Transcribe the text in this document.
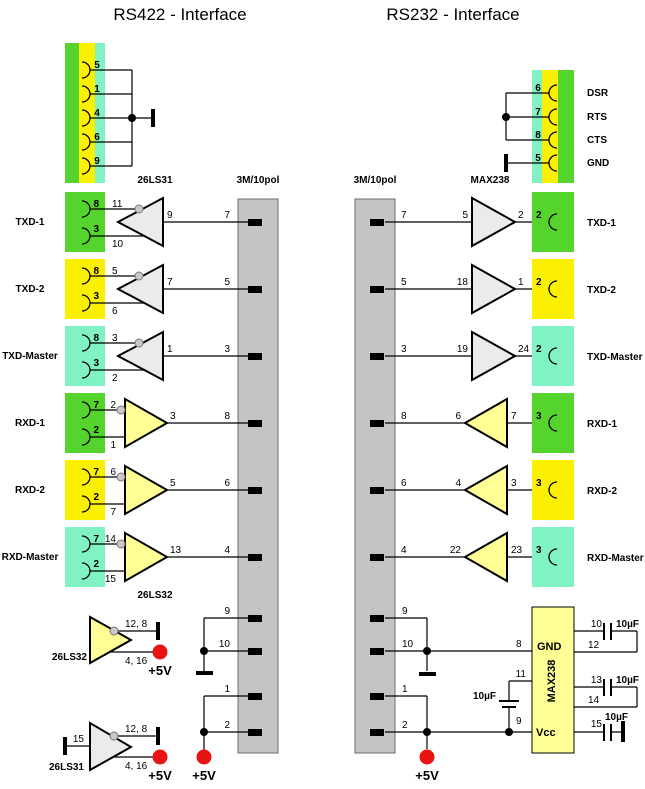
RS422 - Interface	RS232 - Interface
26LS31	3M/10pol	3M/10pol	MAX238
26LS32
5
1
4
6
9
6
7
8
5
DSR
RTS
CTS
GND
TXD-1
8
3
11
10
9	7
TXD-2
8
3
5
6
7	5
TXD-Master
8
3
3
2
1	3
RXD-1
7
2
2
1
3	8
RXD-2
7
2
6
7
5	6
RXD-Master
7
2
14
15
13	4
7	5	2 2
TXD-1
5	18	1 2
TXD-2
3	19	24 2
TXD-Master
8	6	7 3
RXD-1
6	4	3 3
RXD-2
4	22	23 3
RXD-Master
9
10
1
2
+5V
12, 8
4, 16
+5V
26LS32
15
12, 8
4, 16
+5V
26LS31
9
10
1
2
8
9
11
10µF
+5V
GND
Vcc
MAX238
10 10µF
12
13 10µF
14
15
10µF
